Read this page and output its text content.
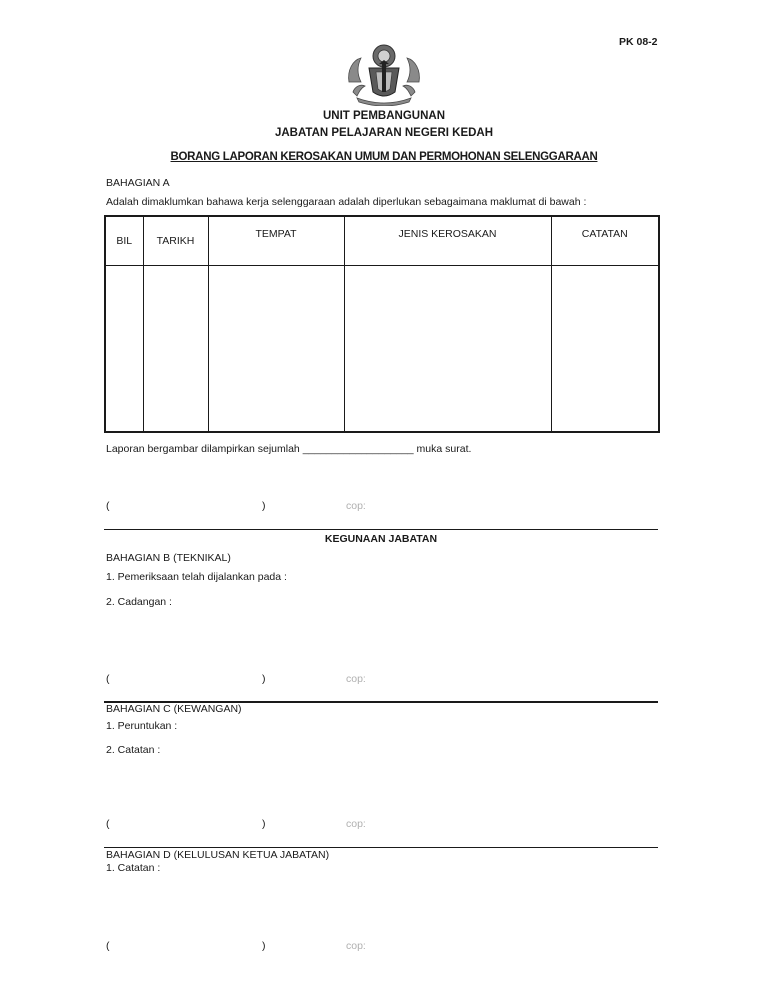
PK 08-2
UNIT PEMBANGUNAN
JABATAN PELAJARAN NEGERI KEDAH
BORANG LAPORAN KEROSAKAN UMUM DAN PERMOHONAN SELENGGARAAN
BAHAGIAN A
Adalah dimaklumkan bahawa kerja selenggaraan adalah diperlukan sebagaimana maklumat di bawah :
BIL	TARIKH	TEMPAT	JENIS KEROSAKAN	CATATAN

Laporan bergambar dilampirkan sejumlah ___________________ muka surat.
(	)	cop:
KEGUNAAN JABATAN
BAHAGIAN B (TEKNIKAL)
1. Pemeriksaan telah dijalankan pada :
2. Cadangan :
(	)	cop:
BAHAGIAN C (KEWANGAN)
1. Peruntukan :
2. Catatan :
(	)	cop:
BAHAGIAN D (KELULUSAN KETUA JABATAN)
1. Catatan :
(	)	cop:
